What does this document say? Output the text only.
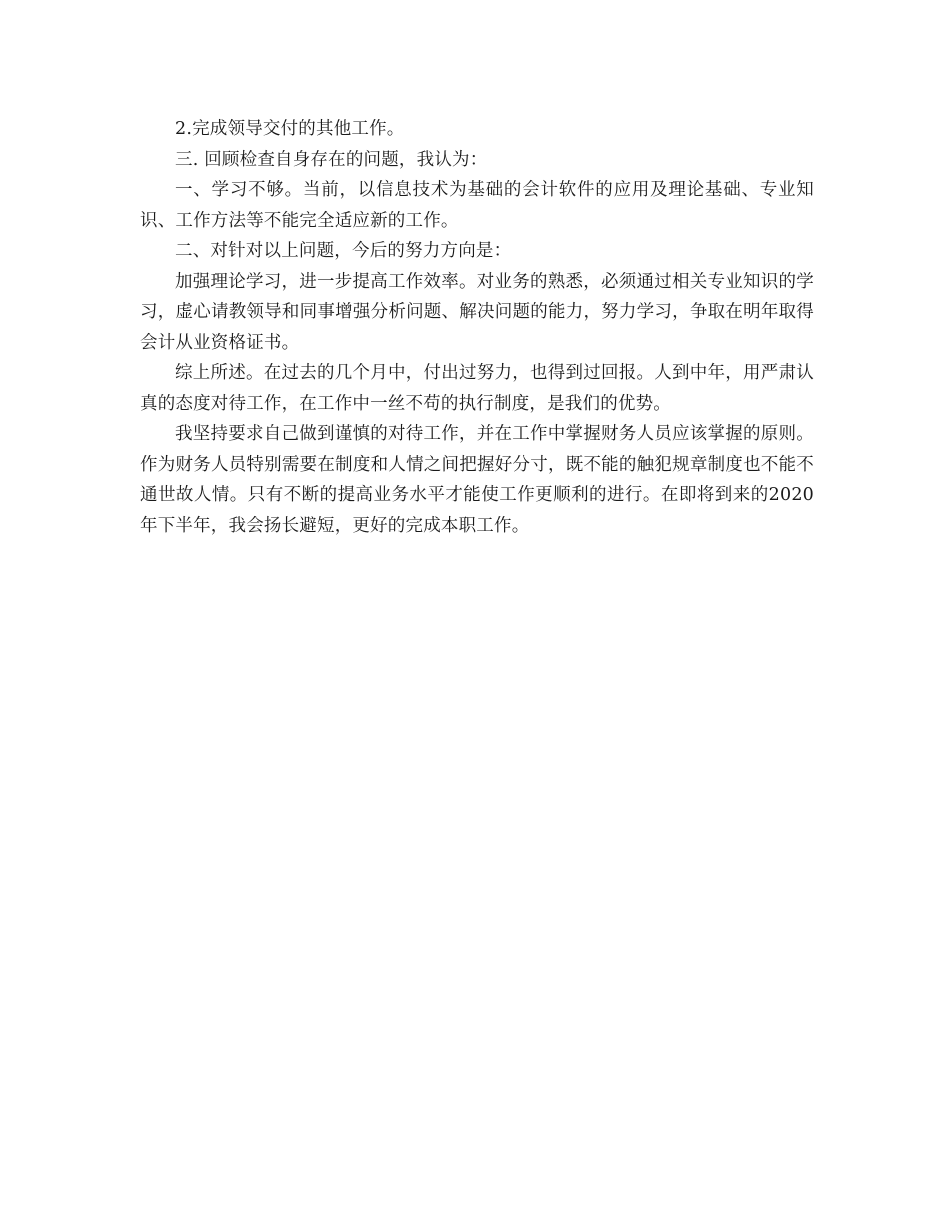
2.完成领导交付的其他工作。

三. 回顾检查自身存在的问题，我认为：

一、学习不够。当前，以信息技术为基础的会计软件的应用及理论基础、专业知识、工作方法等不能完全适应新的工作。

二、对针对以上问题，今后的努力方向是：

加强理论学习，进一步提高工作效率。对业务的熟悉，必须通过相关专业知识的学习，虚心请教领导和同事增强分析问题、解决问题的能力，努力学习，争取在明年取得会计从业资格证书。

综上所述。在过去的几个月中，付出过努力，也得到过回报。人到中年，用严肃认真的态度对待工作，在工作中一丝不苟的执行制度，是我们的优势。

我坚持要求自己做到谨慎的对待工作，并在工作中掌握财务人员应该掌握的原则。作为财务人员特别需要在制度和人情之间把握好分寸，既不能的触犯规章制度也不能不通世故人情。只有不断的提高业务水平才能使工作更顺利的进行。在即将到来的2020年下半年，我会扬长避短，更好的完成本职工作。
